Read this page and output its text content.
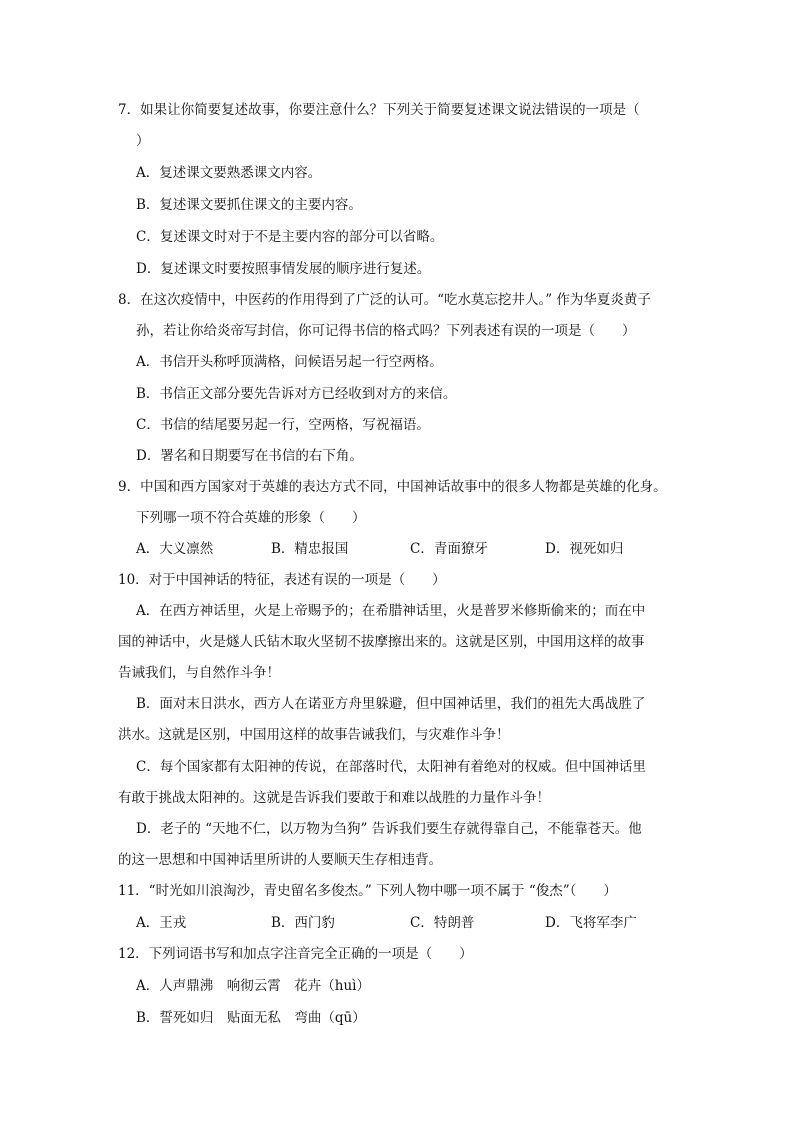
7．如果让你简要复述故事，你要注意什么？下列关于简要复述课文说法错误的一项是（
）
A．复述课文要熟悉课文内容。
B．复述课文要抓住课文的主要内容。
C．复述课文时对于不是主要内容的部分可以省略。
D．复述课文时要按照事情发展的顺序进行复述。
8．在这次疫情中，中医药的作用得到了广泛的认可。“吃水莫忘挖井人。” 作为华夏炎黄子
孙，若让你给炎帝写封信，你可记得书信的格式吗？下列表述有误的一项是（　　）
A．书信开头称呼顶满格，问候语另起一行空两格。
B．书信正文部分要先告诉对方已经收到对方的来信。
C．书信的结尾要另起一行，空两格，写祝福语。
D．署名和日期要写在书信的右下角。
9．中国和西方国家对于英雄的表达方式不同，中国神话故事中的很多人物都是英雄的化身。
下列哪一项不符合英雄的形象（　　）
A．大义凛然	B．精忠报国	C．青面獠牙	D．视死如归
10．对于中国神话的特征，表述有误的一项是（　　）
A．在西方神话里，火是上帝赐予的；在希腊神话里，火是普罗米修斯偷来的；而在中
国的神话中，火是燧人氏钻木取火坚韧不拔摩擦出来的。这就是区别，中国用这样的故事
告诫我们，与自然作斗争！
B．面对末日洪水，西方人在诺亚方舟里躲避，但中国神话里，我们的祖先大禹战胜了
洪水。这就是区别，中国用这样的故事告诫我们，与灾难作斗争！
C．每个国家都有太阳神的传说，在部落时代，太阳神有着绝对的权威。但中国神话里
有敢于挑战太阳神的。这就是告诉我们要敢于和难以战胜的力量作斗争！
D．老子的 “天地不仁，以万物为刍狗” 告诉我们要生存就得靠自己，不能靠苍天。他
的这一思想和中国神话里所讲的人要顺天生存相违背。
11．“时光如川浪淘沙，青史留名多俊杰。” 下列人物中哪一项不属于 “俊杰”（　　）
A．王戎	B．西门豹	C．特朗普	D．飞将军李广
12．下列词语书写和加点字注音完全正确的一项是（　　）
A．人声鼎沸　响彻云霄　花卉（huì）
B．誓死如归　贴面无私　弯曲（qū）
